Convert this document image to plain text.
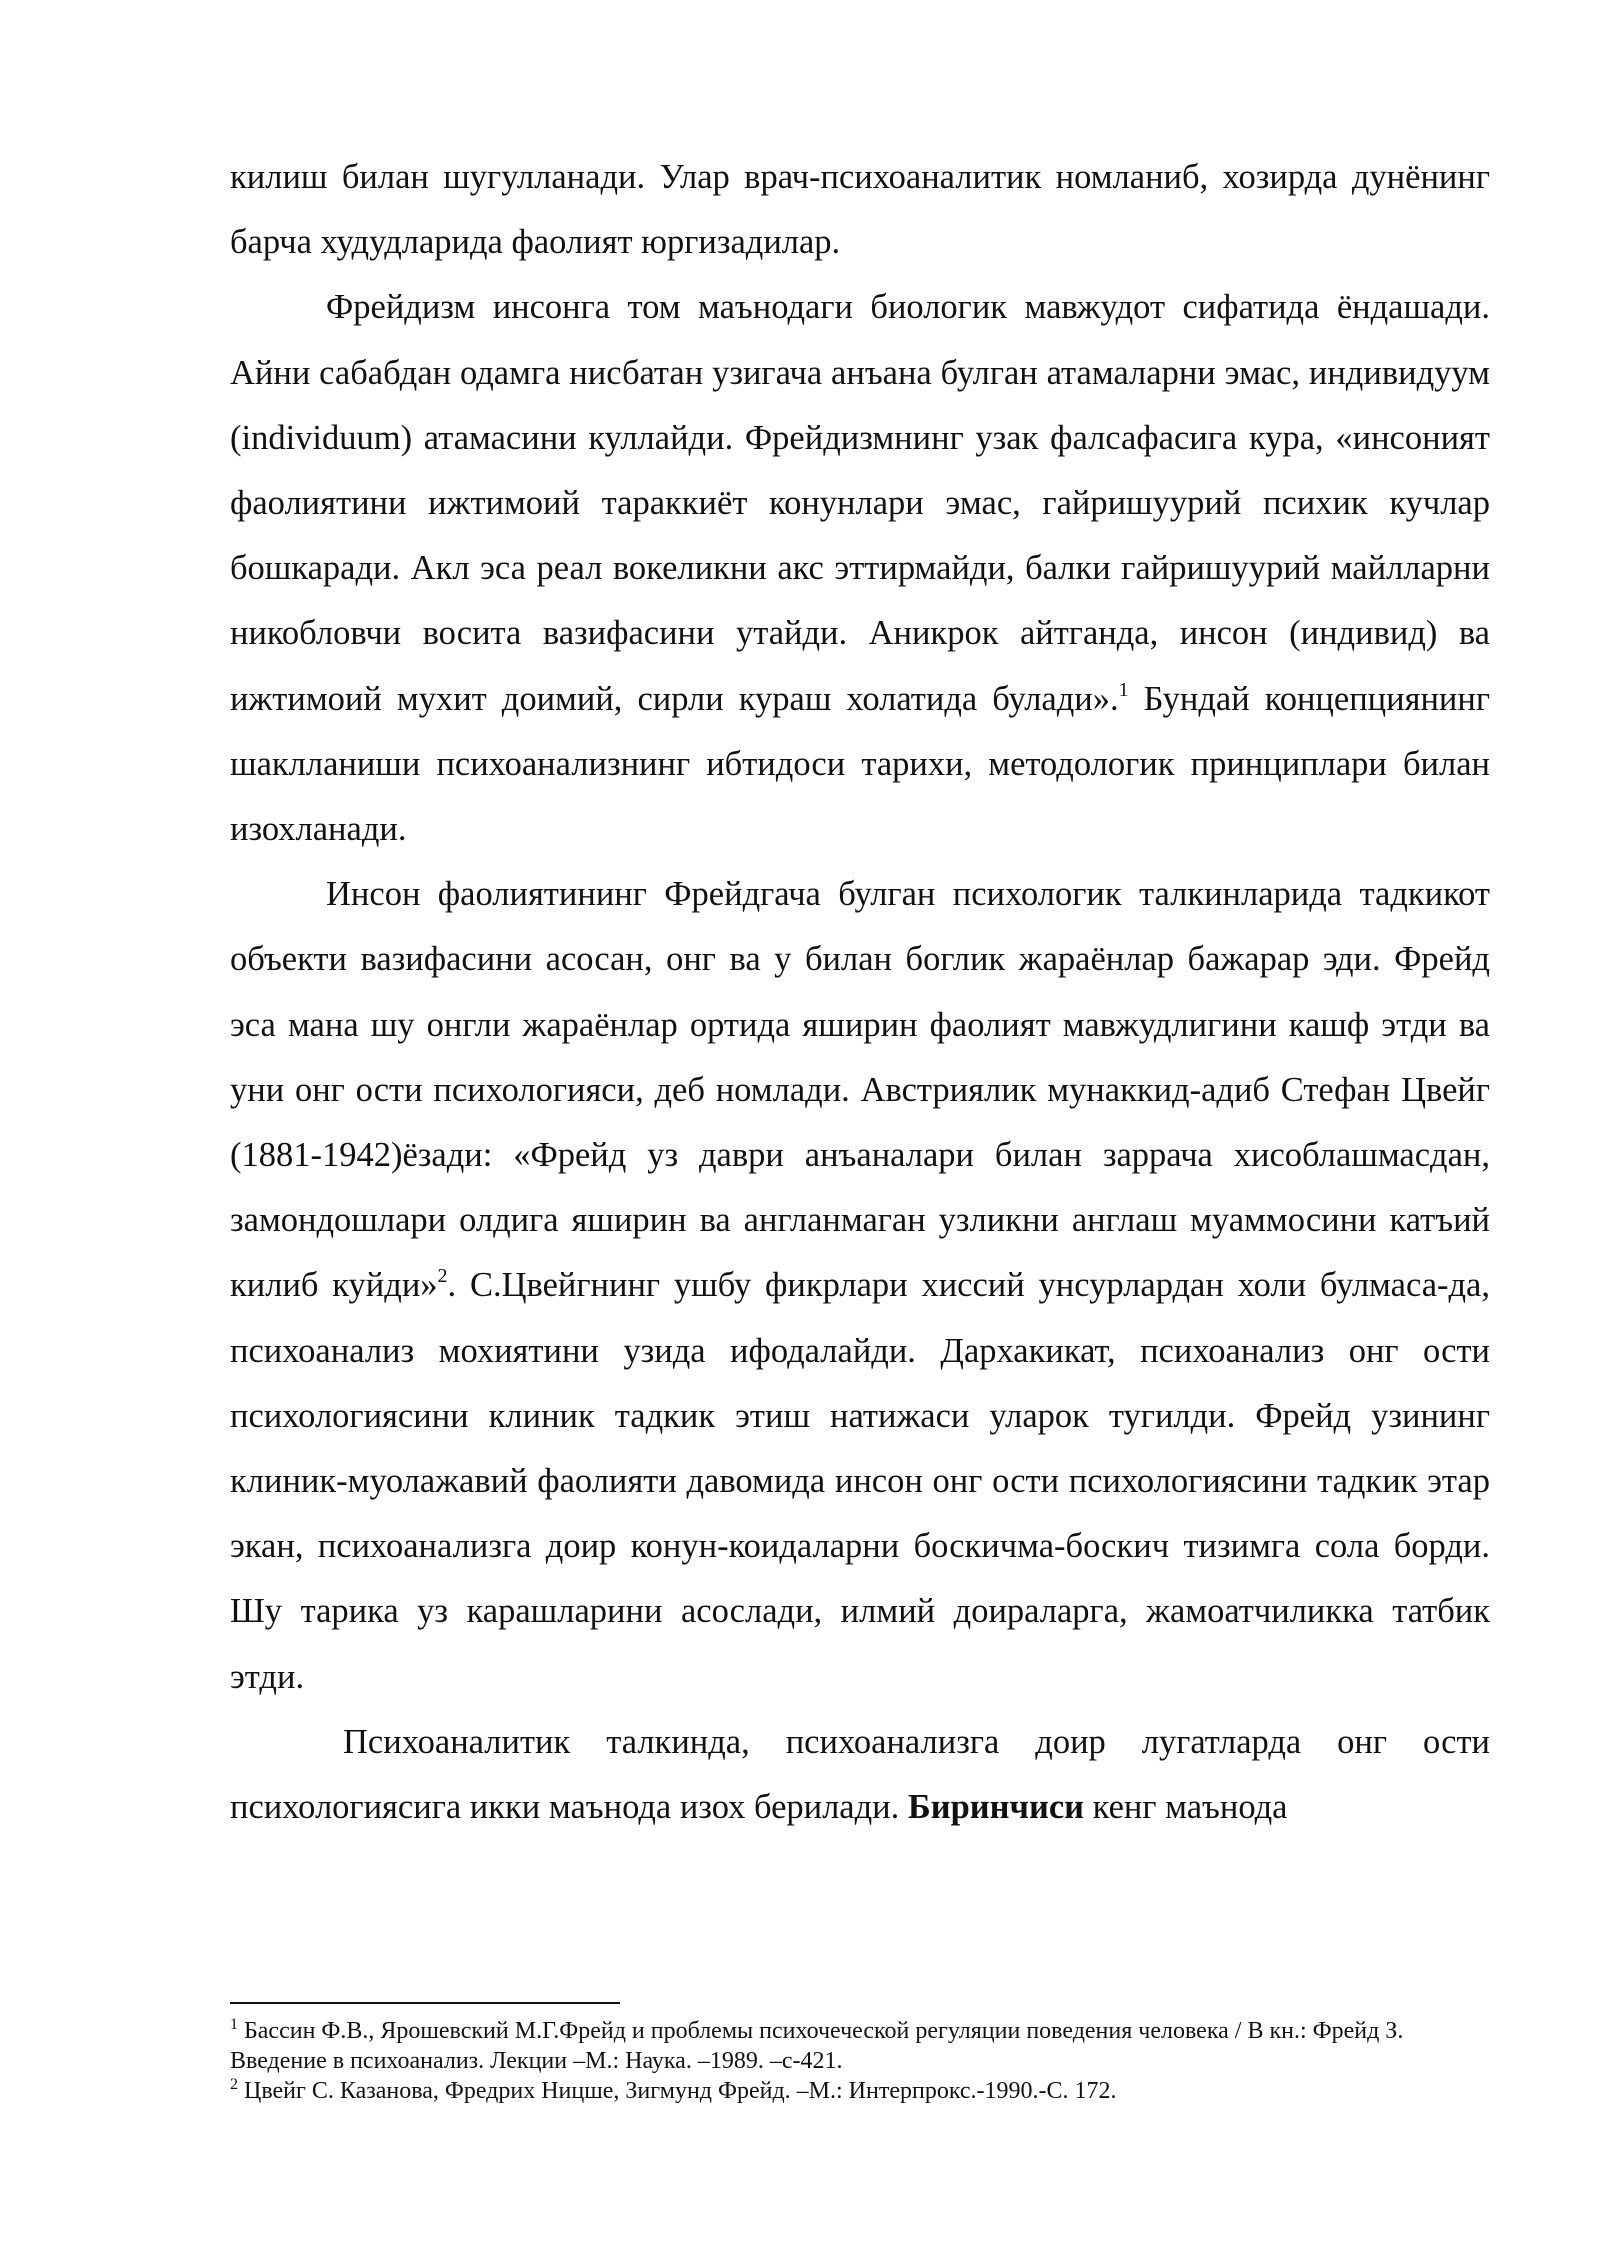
килиш билан шугулланади. Улар врач-психоаналитик номланиб, хозирда дунёнинг барча худудларида фаолият юргизадилар.

Фрейдизм инсонга том маънодаги биологик мавжудот сифатида ёндашади. Айни сабабдан одамга нисбатан узигача анъана булган атамаларни эмас, индивидуум (individuum) атамасини куллайди. Фрейдизмнинг узак фалсафасига кура, «инсоният фаолиятини ижтимоий тараккиёт конунлари эмас, гайришуурий психик кучлар бошкаради. Акл эса реал вокеликни акс эттирмайди, балки гайришуурий майлларни никобловчи восита вазифасини утайди. Аникрок айтганда, инсон (индивид) ва ижтимоий мухит доимий, сирли кураш холатида булади».$^1$ Бундай концепциянинг шаклланиши психоанализнинг ибтидоси тарихи, методологик принциплари билан изохланади.

Инсон фаолиятининг Фрейдгача булган психологик талкинларида тадкикот объекти вазифасини асосан, онг ва у билан боглик жараёнлар бажарар эди. Фрейд эса мана шу онгли жараёнлар ортида яширин фаолият мавжудлигини кашф этди ва уни онг ости психологияси, деб номлади. Австриялик мунаккид-адиб Стефан Цвейг (1881-1942)ёзади: «Фрейд уз даври анъаналари билан заррача хисоблашмасдан, замондошлари олдига яширин ва англанмаган узликни англаш муаммосини катъий килиб куйди»$^2$. С.Цвейгнинг ушбу фикрлари хиссий унсурлардан холи булмаса-да, психоанализ мохиятини узида ифодалайди. Дархакикат, психоанализ онг ости психологиясини клиник тадкик этиш натижаси уларок тугилди. Фрейд узининг клиник-муолажавий фаолияти давомида инсон онг ости психологиясини тадкик этар экан, психоанализга доир конун-коидаларни боскичма-боскич тизимга сола борди. Шу тарика уз карашларини асослади, илмий доираларга, жамоатчиликка татбик этди.

Психоаналитик талкинда, психоанализга доир лугатларда онг ости психологиясига икки маънода изох берилади. Биринчиси кенг маънода

$^1$ Бассин Ф.В., Ярошевский М.Г.Фрейд и проблемы психочеческой регуляции поведения человека / В кн.: Фрейд З. Введение в психоанализ. Лекции –М.: Наука. –1989. –с-421.

$^2$ Цвейг С. Казанова, Фредрих Ницше, Зигмунд Фрейд. –М.: Интерпрокс.-1990.-С. 172.
